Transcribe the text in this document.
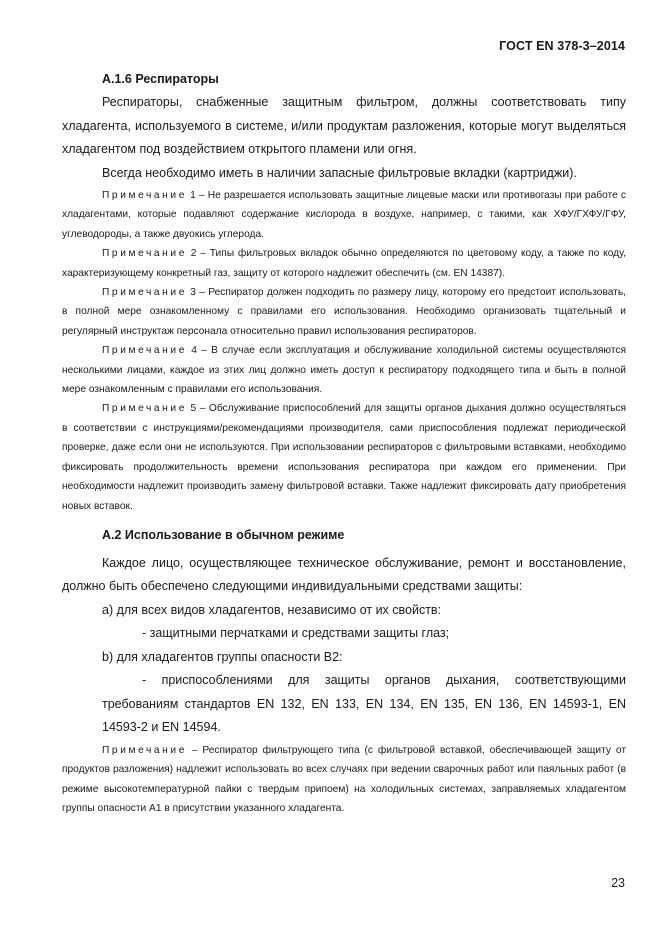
ГОСТ EN 378-3–2014
А.1.6 Респираторы

Респираторы, снабженные защитным фильтром, должны соответствовать типу хладагента, используемого в системе, и/или продуктам разложения, которые могут выделяться хладагентом под воздействием открытого пламени или огня.

Всегда необходимо иметь в наличии запасные фильтровые вкладки (картриджи).

Примечание 1 – Не разрешается использовать защитные лицевые маски или противогазы при работе с хладагентами, которые подавляют содержание кислорода в воздухе, например, с такими, как ХФУ/ГХФУ/ГФУ, углеводороды, а также двуокись углерода.

Примечание 2 – Типы фильтровых вкладок обычно определяются по цветовому коду, а также по коду, характеризующему конкретный газ, защиту от которого надлежит обеспечить (см. EN 14387).

Примечание 3 – Респиратор должен подходить по размеру лицу, которому его предстоит использовать, в полной мере ознакомленному с правилами его использования. Необходимо организовать тщательный и регулярный инструктаж персонала относительно правил использования респираторов.

Примечание 4 – В случае если эксплуатация и обслуживание холодильной системы осуществляются несколькими лицами, каждое из этих лиц должно иметь доступ к респиратору подходящего типа и быть в полной мере ознакомленным с правилами его использования.

Примечание 5 – Обслуживание приспособлений для защиты органов дыхания должно осуществляться в соответствии с инструкциями/рекомендациями производителя, сами приспособления подлежат периодической проверке, даже если они не используются. При использовании респираторов с фильтровыми вставками, необходимо фиксировать продолжительность времени использования респиратора при каждом его применении. При необходимости надлежит производить замену фильтровой вставки. Также надлежит фиксировать дату приобретения новых вставок.

А.2 Использование в обычном режиме

Каждое лицо, осуществляющее техническое обслуживание, ремонт и восстановление, должно быть обеспечено следующими индивидуальными средствами защиты:

a) для всех видов хладагентов, независимо от их свойств:

- защитными перчатками и средствами защиты глаз;

b) для хладагентов группы опасности В2:

- приспособлениями для защиты органов дыхания, соответствующими требованиям стандартов EN 132, EN 133, EN 134, EN 135, EN 136, EN 14593-1, EN 14593-2 и EN 14594.

Примечание – Респиратор фильтрующего типа (с фильтровой вставкой, обеспечивающей защиту от продуктов разложения) надлежит использовать во всех случаях при ведении сварочных работ или паяльных работ (в режиме высокотемпературной пайки с твердым припоем) на холодильных системах, заправляемых хладагентом группы опасности А1 в присутствии указанного хладагента.

23
